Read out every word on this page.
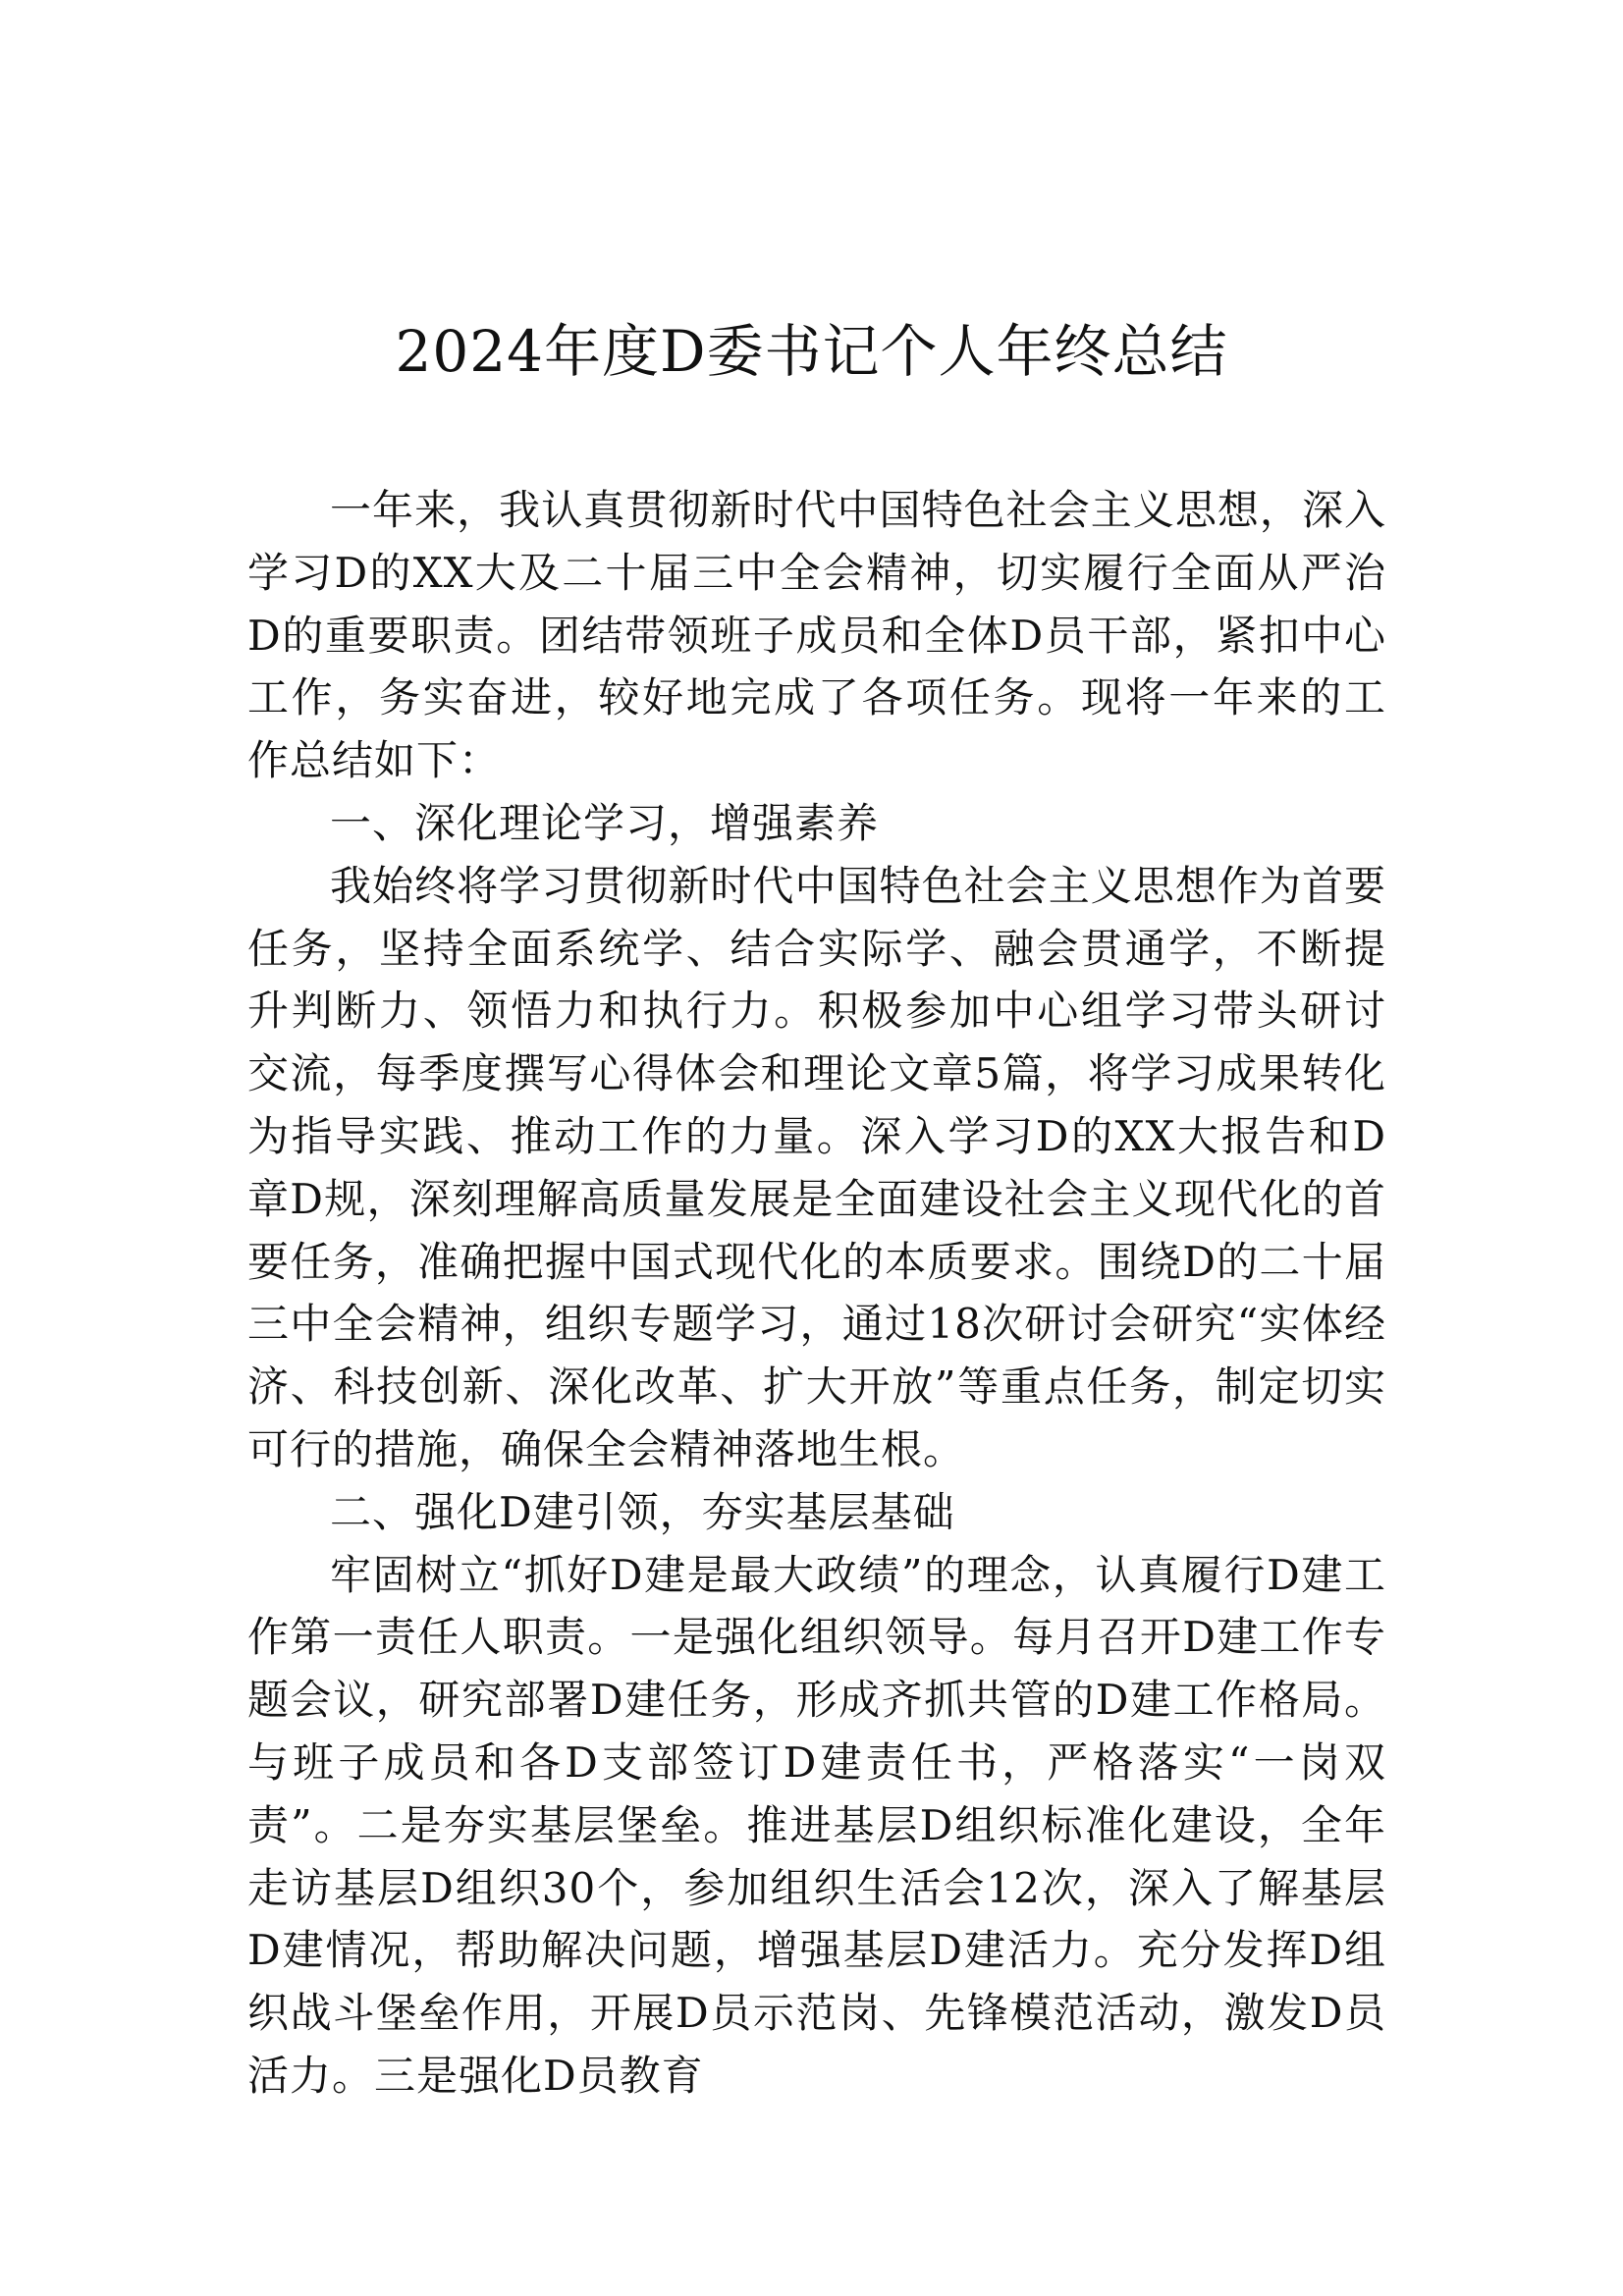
2024年度D委书记个人年终总结

一年来，我认真贯彻新时代中国特色社会主义思想，深入学习D的XX大及二十届三中全会精神，切实履行全面从严治D的重要职责。团结带领班子成员和全体D员干部，紧扣中心工作，务实奋进，较好地完成了各项任务。现将一年来的工作总结如下：

一、深化理论学习，增强素养

我始终将学习贯彻新时代中国特色社会主义思想作为首要任务，坚持全面系统学、结合实际学、融会贯通学，不断提升判断力、领悟力和执行力。积极参加中心组学习带头研讨交流，每季度撰写心得体会和理论文章5篇，将学习成果转化为指导实践、推动工作的力量。深入学习D的XX大报告和D章D规，深刻理解高质量发展是全面建设社会主义现代化的首要任务，准确把握中国式现代化的本质要求。围绕D的二十届三中全会精神，组织专题学习，通过18次研讨会研究“实体经济、科技创新、深化改革、扩大开放”等重点任务，制定切实可行的措施，确保全会精神落地生根。

二、强化D建引领，夯实基层基础

牢固树立“抓好D建是最大政绩”的理念，认真履行D建工作第一责任人职责。一是强化组织领导。每月召开D建工作专题会议，研究部署D建任务，形成齐抓共管的D建工作格局。与班子成员和各D支部签订D建责任书，严格落实“一岗双责”。二是夯实基层堡垒。推进基层D组织标准化建设，全年走访基层D组织30个，参加组织生活会12次，深入了解基层D建情况，帮助解决问题，增强基层D建活力。充分发挥D组织战斗堡垒作用，开展D员示范岗、先锋模范活动，激发D员活力。三是强化D员教育
